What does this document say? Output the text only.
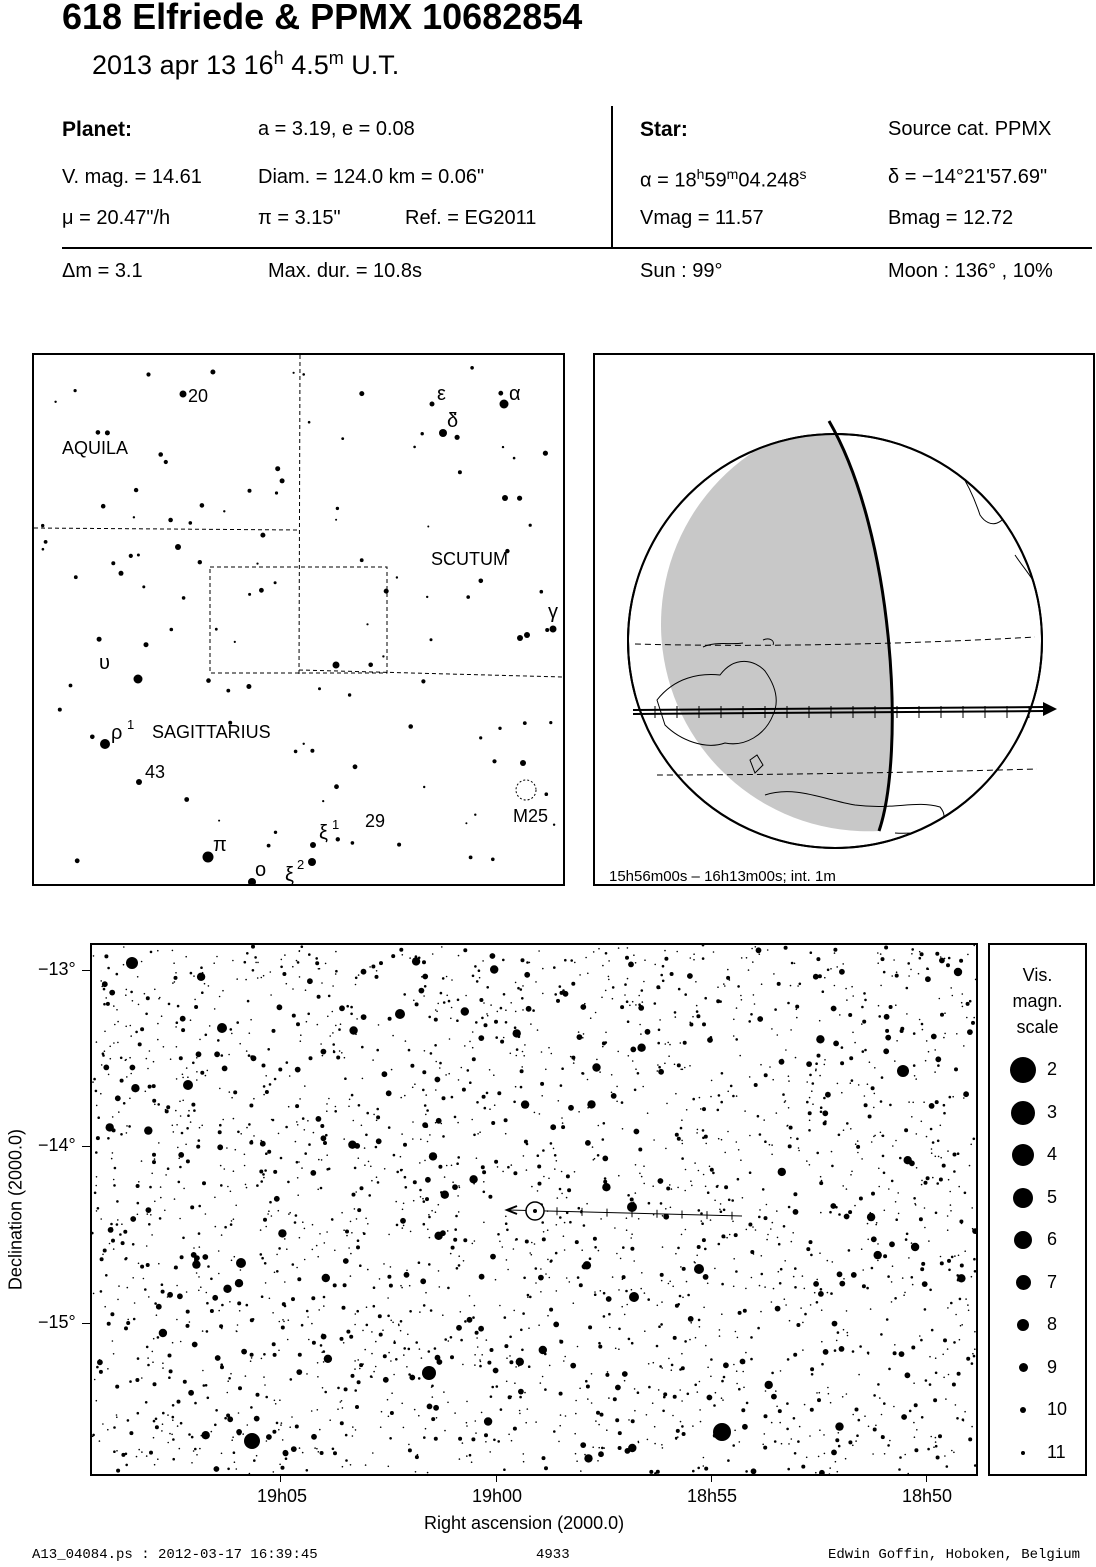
618 Elfriede & PPMX 10682854
2013 apr 13 16$^h$ 4.5$^m$ U.T.
Planet:	a = 3.19, e = 0.08
V. mag. = 14.61	Diam. = 124.0 km = 0.06"
μ = 20.47"/h	π = 3.15"	Ref. = EG2011
Star:	Source cat. PPMX
$\alpha = 18^h59^m04.248^s$	δ = −14°21'57.69"
Vmag = 11.57	Bmag = 12.72
Δm = 3.1	Max. dur. = 10.8s	Sun : 99°	Moon : 136° , 10%
AQUILA
SCUTUM
SAGITTARIUS
20	ε	α
δ
γ
υ
ρ 1
43
M25
29
ξ 1
π
o ξ 2
15h56m00s – 16h13m00s; int. 1m
−13°
−14°
−15°
19h05	19h00	18h55	18h50
Right ascension (2000.0)
Declination (2000.0)
Vis.
magn.
scale
2
3
4
5
6
7
8
9
10
11
A13_04084.ps : 2012-03-17 16:39:45	4933	Edwin Goffin, Hoboken, Belgium
